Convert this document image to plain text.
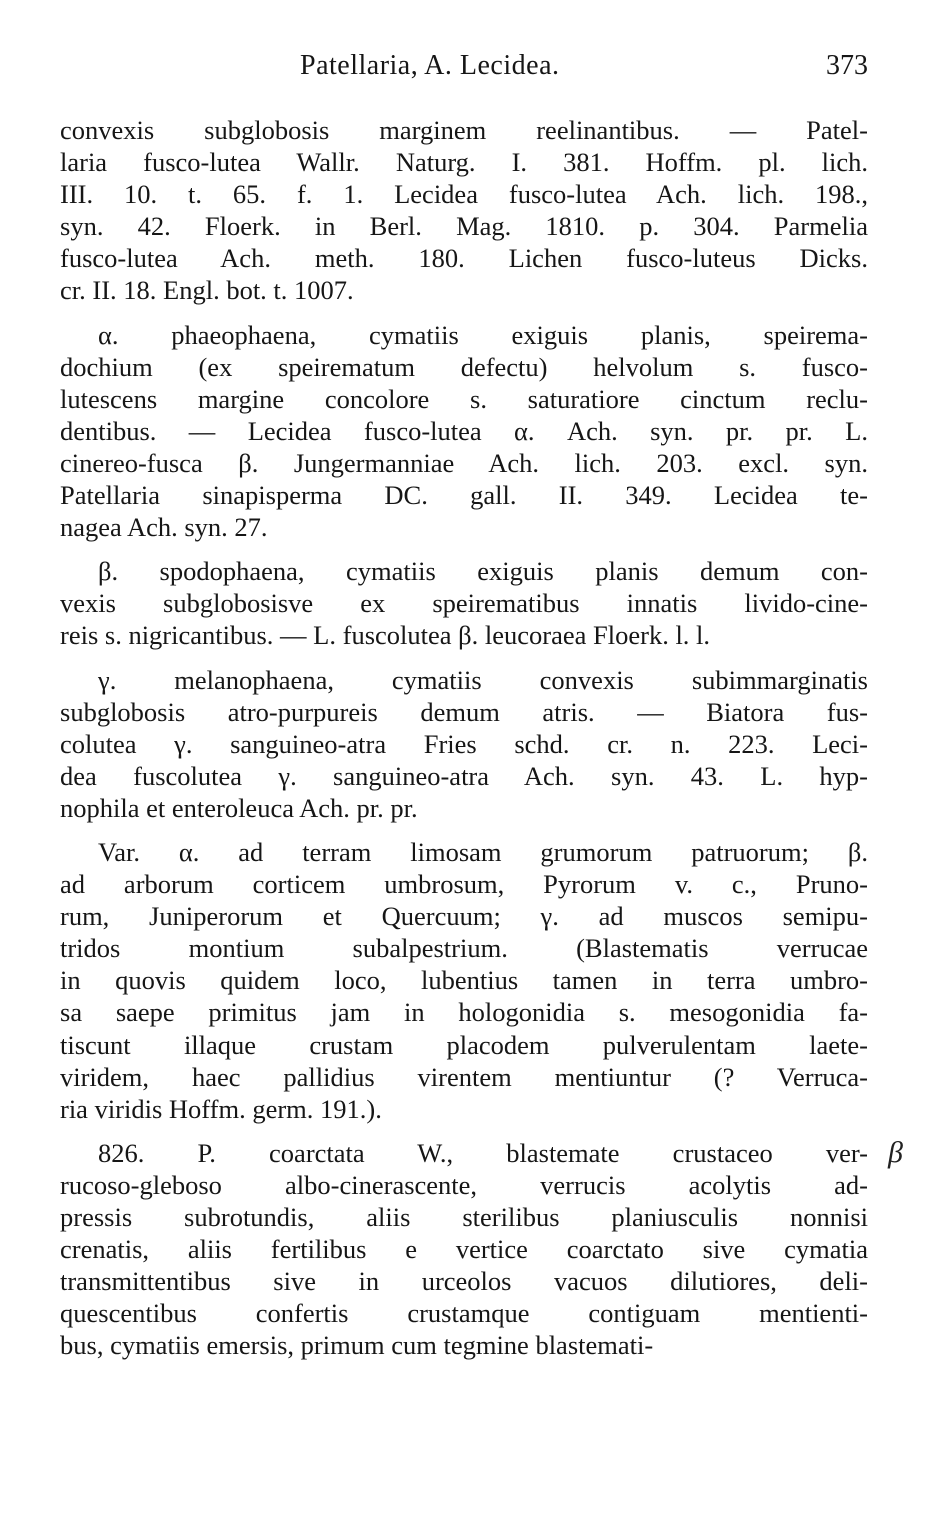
Patellaria, A. Lecidea.	373
convexis subglobosis marginem reelinantibus. — Patel-
laria fusco-lutea Wallr. Naturg. I. 381. Hoffm. pl. lich.
III. 10. t. 65. f. 1. Lecidea fusco-lutea Ach. lich. 198.,
syn. 42. Floerk. in Berl. Mag. 1810. p. 304. Parmelia
fusco-lutea Ach. meth. 180. Lichen fusco-luteus Dicks.
cr. II. 18. Engl. bot. t. 1007.
α. phaeophaena, cymatiis exiguis planis, speirema-
dochium (ex speirematum defectu) helvolum s. fusco-
lutescens margine concolore s. saturatiore cinctum reclu-
dentibus. — Lecidea fusco-lutea α. Ach. syn. pr. pr. L.
cinereo-fusca β. Jungermanniae Ach. lich. 203. excl. syn.
Patellaria sinapisperma DC. gall. II. 349. Lecidea te-
nagea Ach. syn. 27.
β. spodophaena, cymatiis exiguis planis demum con-
vexis subglobosisve ex speirematibus innatis livido-cine-
reis s. nigricantibus. — L. fuscolutea β. leucoraea Floerk. l. l.
γ. melanophaena, cymatiis convexis subimmarginatis
subglobosis atro-purpureis demum atris. — Biatora fus-
colutea γ. sanguineo-atra Fries schd. cr. n. 223. Leci-
dea fuscolutea γ. sanguineo-atra Ach. syn. 43. L. hyp-
nophila et enteroleuca Ach. pr. pr.
Var. α. ad terram limosam grumorum patruorum; β.
ad arborum corticem umbrosum, Pyrorum v. c., Pruno-
rum, Juniperorum et Quercuum; γ. ad muscos semipu-
tridos montium subalpestrium. (Blastematis verrucae
in quovis quidem loco, lubentius tamen in terra umbro-
sa saepe primitus jam in hologonidia s. mesogonidia fa-
tiscunt illaque crustam placodem pulverulentam laete-
viridem, haec pallidius virentem mentiuntur (? Verruca-
ria viridis Hoffm. germ. 191.).
826. P. coarctata W., blastemate crustaceo ver-
rucoso-gleboso albo-cinerascente, verrucis acolytis ad-
pressis subrotundis, aliis sterilibus planiusculis nonnisi
crenatis, aliis fertilibus e vertice coarctato sive cymatia
transmittentibus sive in urceolos vacuos dilutiores, deli-
quescentibus confertis crustamque contiguam mentienti-
bus, cymatiis emersis, primum cum tegmine blastemati-
β
